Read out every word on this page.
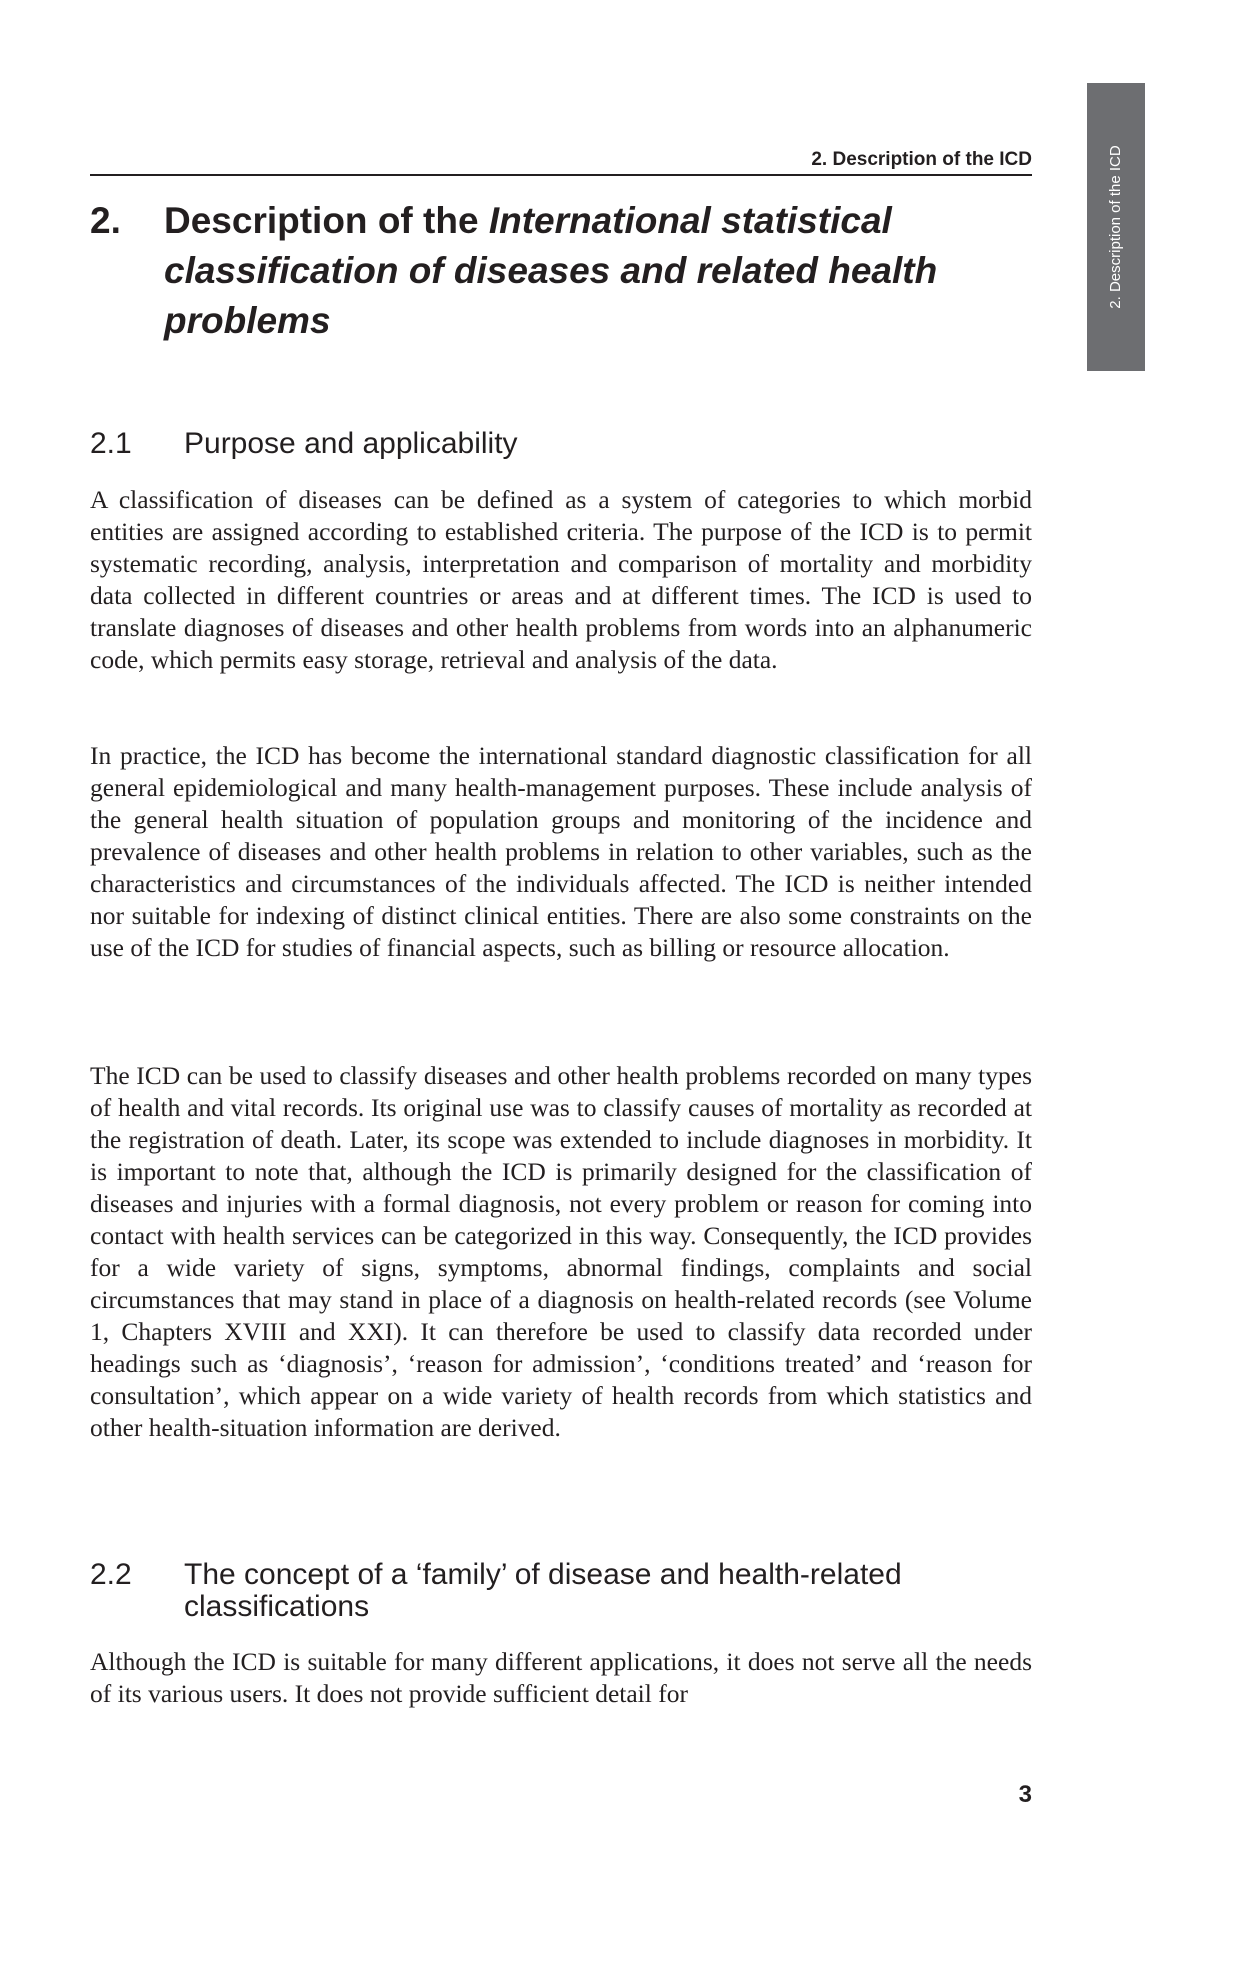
2. Description of the ICD	2. Description of the ICD
2. Description of the International statistical classification of diseases and related health problems
2.1 Purpose and applicability

A classification of diseases can be defined as a system of categories to which morbid entities are assigned according to established criteria. The purpose of the ICD is to permit systematic recording, analysis, interpretation and comparison of mortality and morbidity data collected in different countries or areas and at different times. The ICD is used to translate diagnoses of diseases and other health problems from words into an alphanumeric code, which permits easy storage, retrieval and analysis of the data.

In practice, the ICD has become the international standard diagnostic classification for all general epidemiological and many health-management purposes. These include analysis of the general health situation of population groups and monitoring of the incidence and prevalence of diseases and other health problems in relation to other variables, such as the characteristics and circumstances of the individuals affected. The ICD is neither intended nor suitable for indexing of distinct clinical entities. There are also some constraints on the use of the ICD for studies of financial aspects, such as billing or resource allocation.

The ICD can be used to classify diseases and other health problems recorded on many types of health and vital records. Its original use was to classify causes of mortality as recorded at the registration of death. Later, its scope was extended to include diagnoses in morbidity. It is important to note that, although the ICD is primarily designed for the classification of diseases and injuries with a formal diagnosis, not every problem or reason for coming into contact with health services can be categorized in this way. Consequently, the ICD provides for a wide variety of signs, symptoms, abnormal findings, complaints and social circumstances that may stand in place of a diagnosis on health-related records (see Volume 1, Chapters XVIII and XXI). It can therefore be used to classify data recorded under headings such as ‘diagnosis’, ‘reason for admission’, ‘conditions treated’ and ‘reason for consultation’, which appear on a wide variety of health records from which statistics and other health-situation information are derived.

2.2 The concept of a ‘family’ of disease and health-related classifications

Although the ICD is suitable for many different applications, it does not serve all the needs of its various users. It does not provide sufficient detail for

3
